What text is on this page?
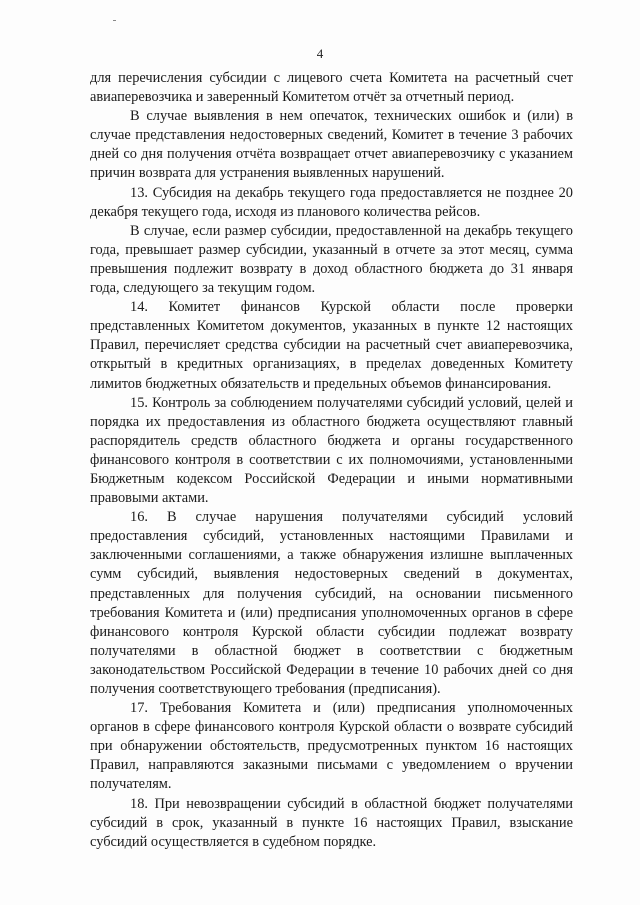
4

для перечисления субсидии с лицевого счета Комитета на расчетный счет авиаперевозчика и заверенный Комитетом отчёт за отчетный период.

В случае выявления в нем опечаток, технических ошибок и (или) в случае представления недостоверных сведений, Комитет в течение 3 рабочих дней со дня получения отчёта возвращает отчет авиаперевозчику с указанием причин возврата для устранения выявленных нарушений.

13. Субсидия на декабрь текущего года предоставляется не позднее 20 декабря текущего года, исходя из планового количества рейсов.

В случае, если размер субсидии, предоставленной на декабрь текущего года, превышает размер субсидии, указанный в отчете за этот месяц, сумма превышения подлежит возврату в доход областного бюджета до 31 января года, следующего за текущим годом.

14. Комитет финансов Курской области после проверки представленных Комитетом документов, указанных в пункте 12 настоящих Правил, перечисляет средства субсидии на расчетный счет авиаперевозчика, открытый в кредитных организациях, в пределах доведенных Комитету лимитов бюджетных обязательств и предельных объемов финансирования.

15. Контроль за соблюдением получателями субсидий условий, целей и порядка их предоставления из областного бюджета осуществляют главный распорядитель средств областного бюджета и органы государственного финансового контроля в соответствии с их полномочиями, установленными Бюджетным кодексом Российской Федерации и иными нормативными правовыми актами.

16. В случае нарушения получателями субсидий условий предоставления субсидий, установленных настоящими Правилами и заключенными соглашениями, а также обнаружения излишне выплаченных сумм субсидий, выявления недостоверных сведений в документах, представленных для получения субсидий, на основании письменного требования Комитета и (или) предписания уполномоченных органов в сфере финансового контроля Курской области субсидии подлежат возврату получателями в областной бюджет в соответствии с бюджетным законодательством Российской Федерации в течение 10 рабочих дней со дня получения соответствующего требования (предписания).

17. Требования Комитета и (или) предписания уполномоченных органов в сфере финансового контроля Курской области о возврате субсидий при обнаружении обстоятельств, предусмотренных пунктом 16 настоящих Правил, направляются заказными письмами с уведомлением о вручении получателям.

18. При невозвращении субсидий в областной бюджет получателями субсидий в срок, указанный в пункте 16 настоящих Правил, взыскание субсидий осуществляется в судебном порядке.
